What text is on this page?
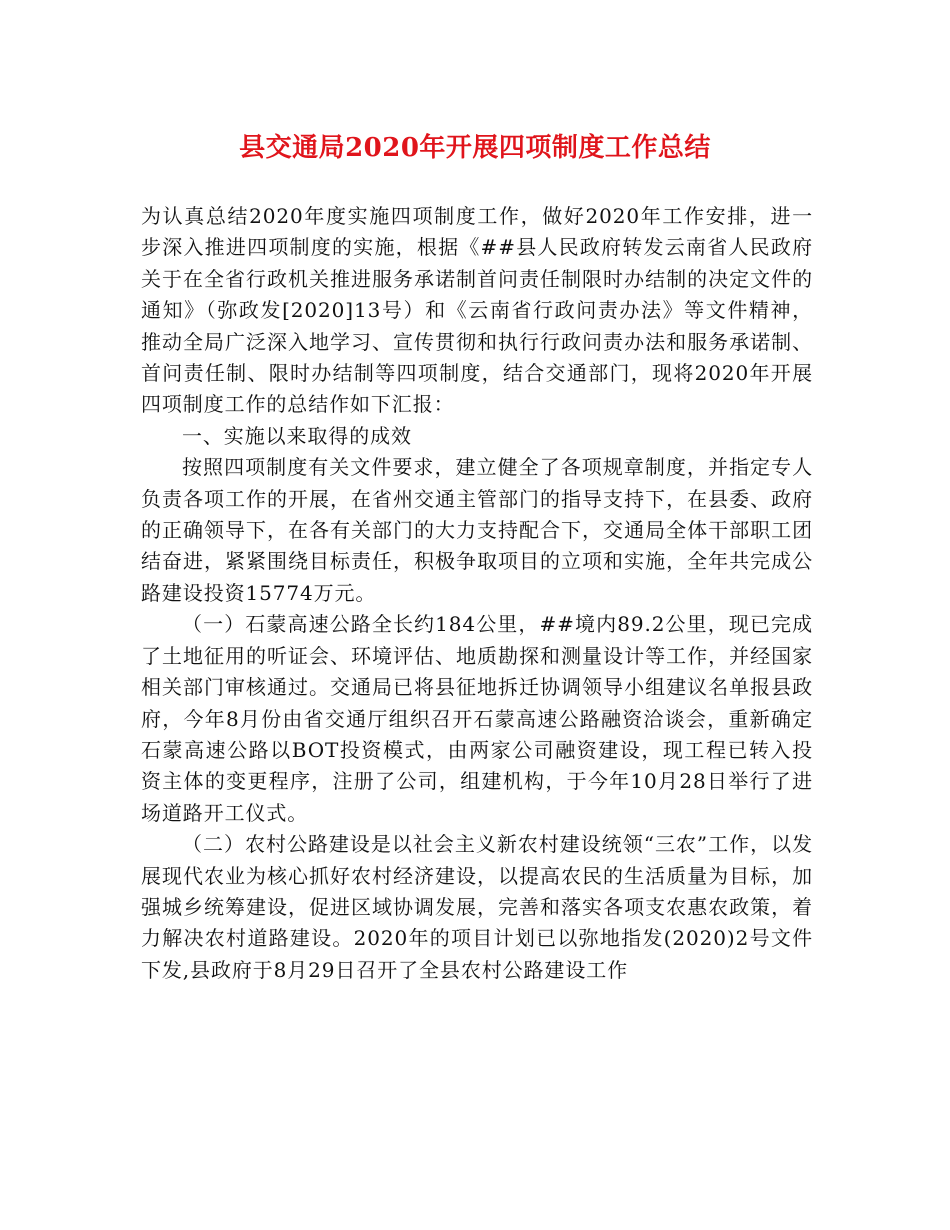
县交通局2020年开展四项制度工作总结

为认真总结2020年度实施四项制度工作，做好2020年工作安排，进一步深入推进四项制度的实施，根据《##县人民政府转发云南省人民政府关于在全省行政机关推进服务承诺制首问责任制限时办结制的决定文件的通知》（弥政发[2020]13号）和《云南省行政问责办法》等文件精神，推动全局广泛深入地学习、宣传贯彻和执行行政问责办法和服务承诺制、首问责任制、限时办结制等四项制度，结合交通部门，现将2020年开展四项制度工作的总结作如下汇报：

一、实施以来取得的成效

按照四项制度有关文件要求，建立健全了各项规章制度，并指定专人负责各项工作的开展，在省州交通主管部门的指导支持下，在县委、政府的正确领导下，在各有关部门的大力支持配合下，交通局全体干部职工团结奋进，紧紧围绕目标责任，积极争取项目的立项和实施，全年共完成公路建设投资15774万元。

（一）石蒙高速公路全长约184公里，##境内89.2公里，现已完成了土地征用的听证会、环境评估、地质勘探和测量设计等工作，并经国家相关部门审核通过。交通局已将县征地拆迁协调领导小组建议名单报县政府，今年8月份由省交通厅组织召开石蒙高速公路融资洽谈会，重新确定石蒙高速公路以BOT投资模式，由两家公司融资建设，现工程已转入投资主体的变更程序，注册了公司，组建机构，于今年10月28日举行了进场道路开工仪式。

（二）农村公路建设是以社会主义新农村建设统领“三农”工作，以发展现代农业为核心抓好农村经济建设，以提高农民的生活质量为目标，加强城乡统筹建设，促进区域协调发展，完善和落实各项支农惠农政策，着力解决农村道路建设。2020年的项目计划已以弥地指发(2020)2号文件下发,县政府于8月29日召开了全县农村公路建设工作
